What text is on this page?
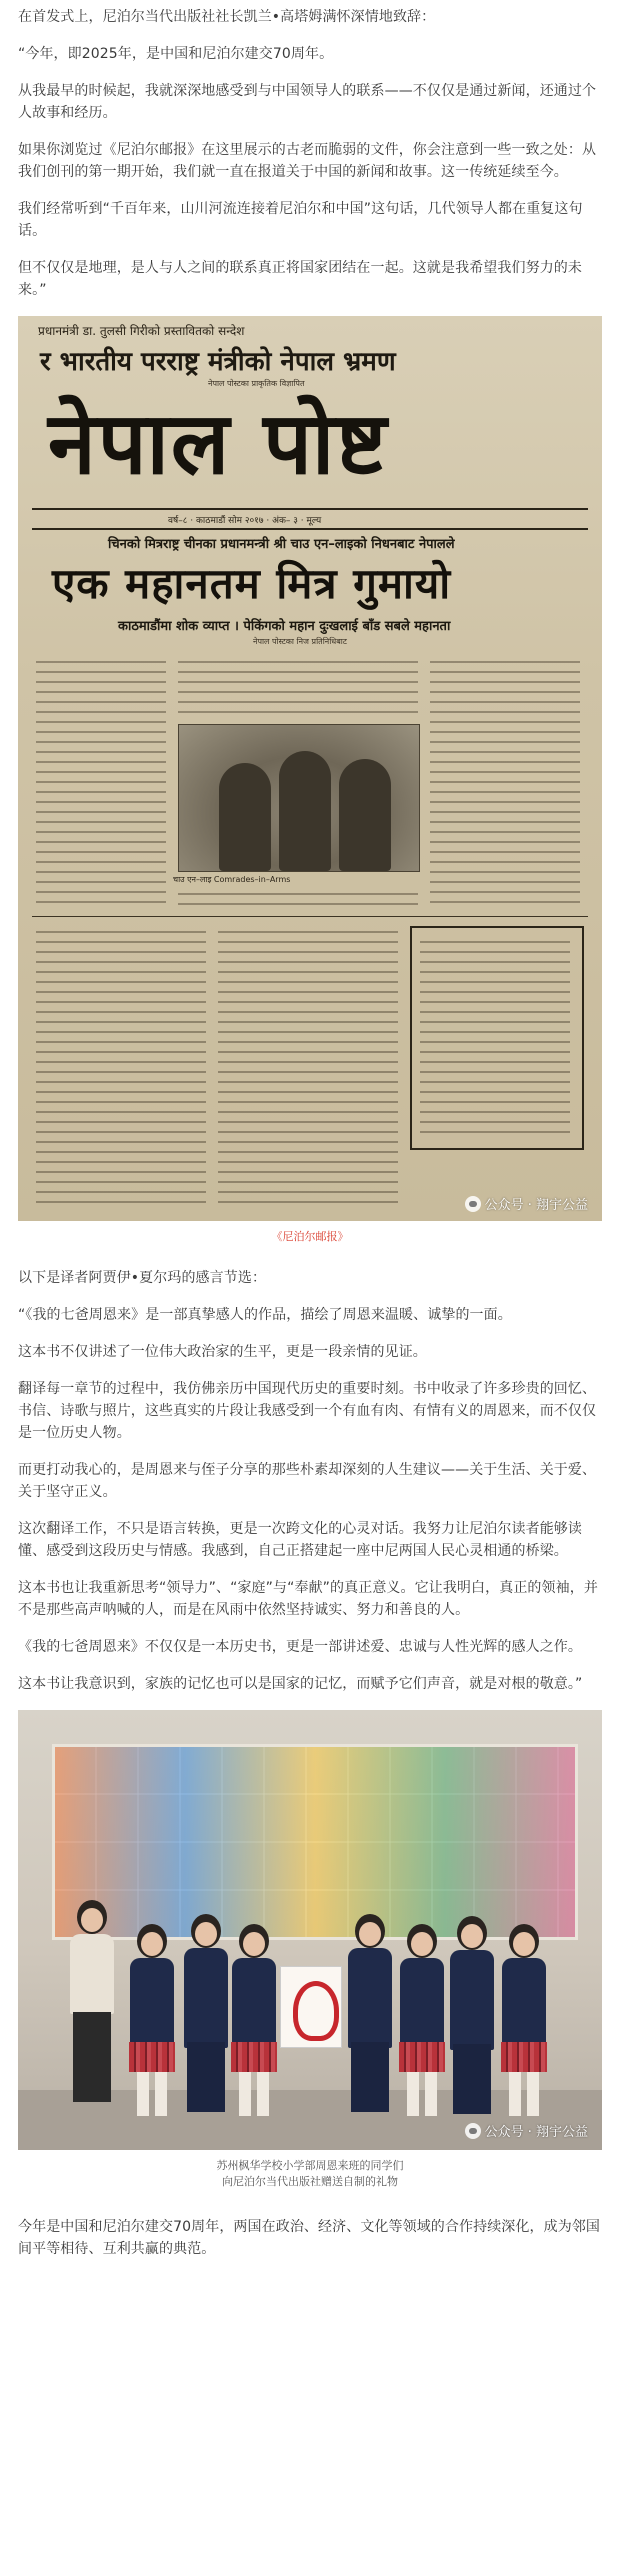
在首发式上，尼泊尔当代出版社社长凯兰•高塔姆满怀深情地致辞：

“今年，即2025年，是中国和尼泊尔建交70周年。

从我最早的时候起，我就深深地感受到与中国领导人的联系——不仅仅是通过新闻，还通过个人故事和经历。

如果你浏览过《尼泊尔邮报》在这里展示的古老而脆弱的文件，你会注意到一些一致之处：从我们创刊的第一期开始，我们就一直在报道关于中国的新闻和故事。这一传统延续至今。

我们经常听到“千百年来，山川河流连接着尼泊尔和中国”这句话，几代领导人都在重复这句话。

但不仅仅是地理，是人与人之间的联系真正将国家团结在一起。这就是我希望我们努力的未来。”

प्रधानमंत्री डा. तुलसी गिरीको प्रस्तावितको सन्देश
र भारतीय परराष्ट्र मंत्रीको नेपाल भ्रमण
नेपाल पोस्टका प्राकृतिक विज्ञापित
नेपाल पोष्ट
वर्ष–८ · काठमाडौं सोम २०१७ · अंक– ३ · मूल्य
चिनको मित्रराष्ट्र चीनका प्रधानमन्त्री श्री चाउ एन–लाइको निधनबाट नेपालले
एक महानतम मित्र गुमायो
काठमाडौंमा शोक व्याप्त । पेकिंगको महान दुःखलाई बाँड सबले महानता
नेपाल पोस्टका निज प्रतिनिधिबाट
चाउ एन–लाइ Comrades–in–Arms
公众号 · 翔宇公益
《尼泊尔邮报》

以下是译者阿贾伊•夏尔玛的感言节选：

“《我的七爸周恩来》是一部真挚感人的作品，描绘了周恩来温暖、诚挚的一面。

这本书不仅讲述了一位伟大政治家的生平，更是一段亲情的见证。

翻译每一章节的过程中，我仿佛亲历中国现代历史的重要时刻。书中收录了许多珍贵的回忆、书信、诗歌与照片，这些真实的片段让我感受到一个有血有肉、有情有义的周恩来，而不仅仅是一位历史人物。

而更打动我心的，是周恩来与侄子分享的那些朴素却深刻的人生建议——关于生活、关于爱、关于坚守正义。

这次翻译工作，不只是语言转换，更是一次跨文化的心灵对话。我努力让尼泊尔读者能够读懂、感受到这段历史与情感。我感到，自己正搭建起一座中尼两国人民心灵相通的桥梁。

这本书也让我重新思考“领导力”、“家庭”与“奉献”的真正意义。它让我明白，真正的领袖，并不是那些高声呐喊的人，而是在风雨中依然坚持诚实、努力和善良的人。

《我的七爸周恩来》不仅仅是一本历史书，更是一部讲述爱、忠诚与人性光辉的感人之作。

这本书让我意识到，家族的记忆也可以是国家的记忆，而赋予它们声音，就是对根的敬意。”

公众号 · 翔宇公益
苏州枫华学校小学部周恩来班的同学们
向尼泊尔当代出版社赠送自制的礼物

今年是中国和尼泊尔建交70周年，两国在政治、经济、文化等领域的合作持续深化，成为邻国间平等相待、互利共赢的典范。
